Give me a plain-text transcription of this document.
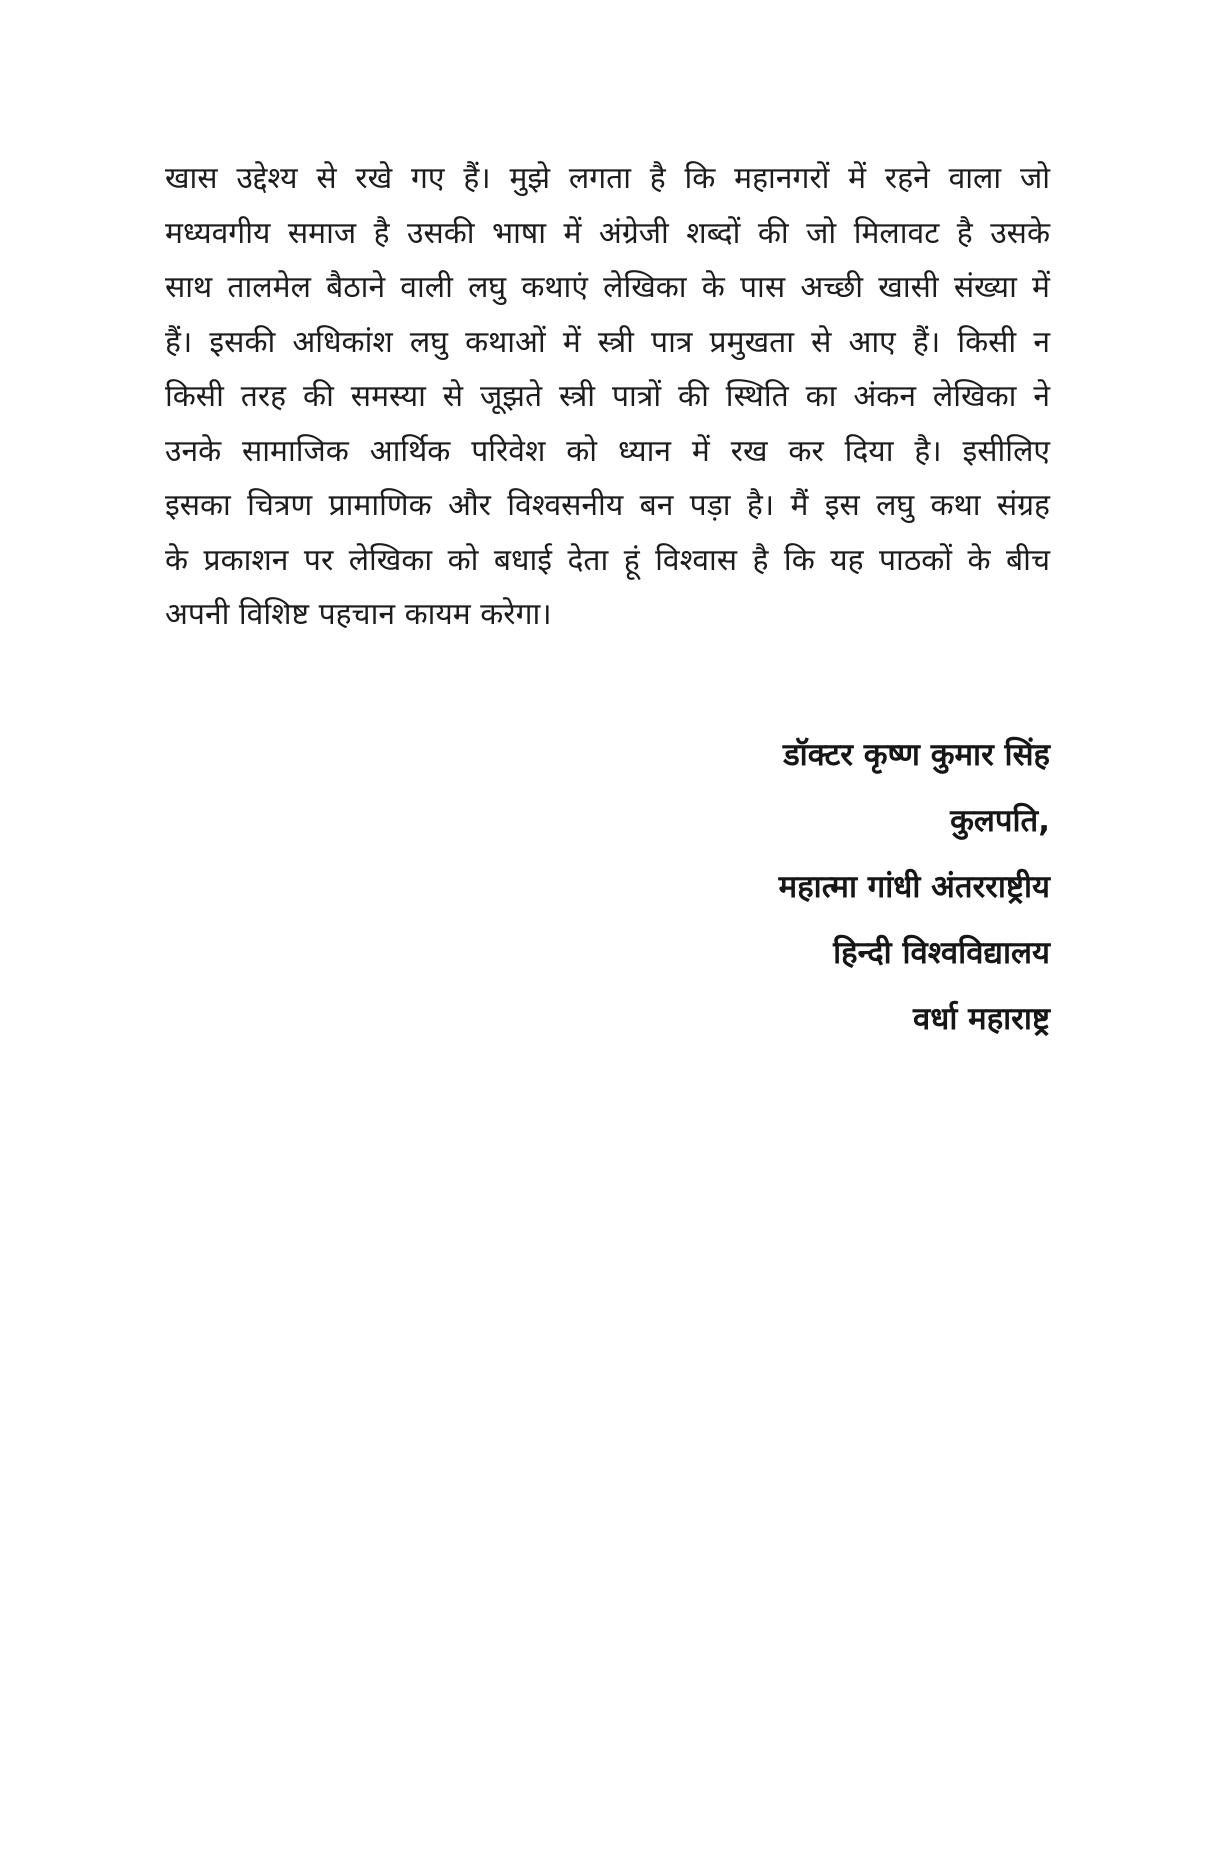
खास उद्देश्य से रखे गए हैं। मुझे लगता है कि महानगरों में रहने वाला जो
मध्यवगीय समाज है उसकी भाषा में अंग्रेजी शब्दों की जो मिलावट है उसके
साथ तालमेल बैठाने वाली लघु कथाएं लेखिका के पास अच्छी खासी संख्या में
हैं। इसकी अधिकांश लघु कथाओं में स्त्री पात्र प्रमुखता से आए हैं। किसी न
किसी तरह की समस्या से जूझते स्त्री पात्रों की स्थिति का अंकन लेखिका ने
उनके सामाजिक आर्थिक परिवेश को ध्यान में रख कर दिया है। इसीलिए
इसका चित्रण प्रामाणिक और विश्वसनीय बन पड़ा है। मैं इस लघु कथा संग्रह
के प्रकाशन पर लेखिका को बधाई देता हूं विश्वास है कि यह पाठकों के बीच
अपनी विशिष्ट पहचान कायम करेगा।
डॉक्टर कृष्ण कुमार सिंह
कुलपति,
महात्मा गांधी अंतरराष्ट्रीय
हिन्दी विश्वविद्यालय
वर्धा महाराष्ट्र
